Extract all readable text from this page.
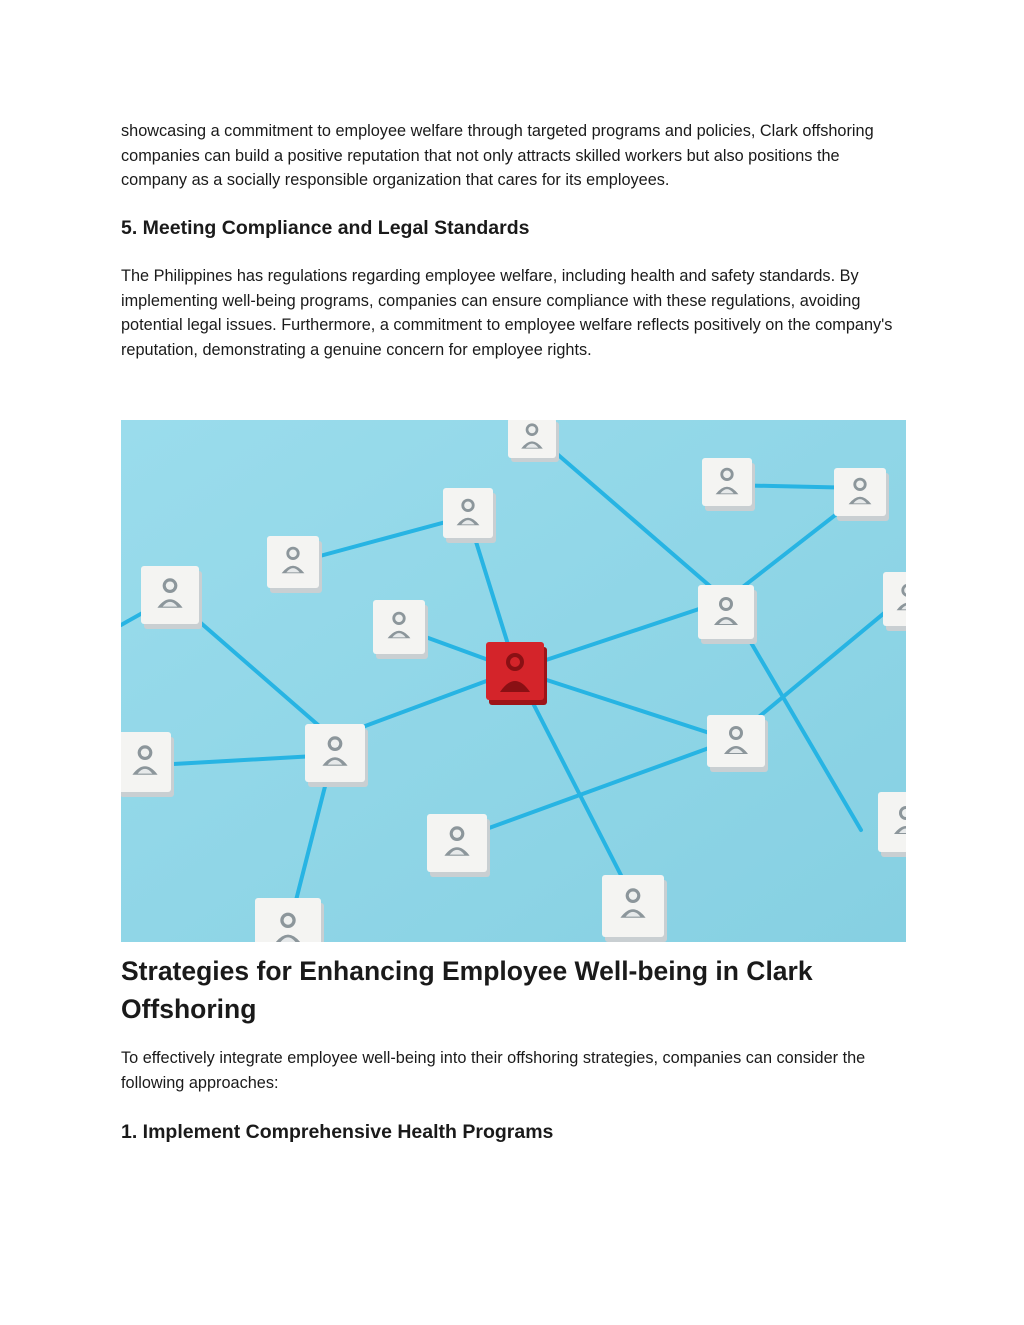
showcasing a commitment to employee welfare through targeted programs and policies, Clark offshoring companies can build a positive reputation that not only attracts skilled workers but also positions the company as a socially responsible organization that cares for its employees.

5. Meeting Compliance and Legal Standards

The Philippines has regulations regarding employee welfare, including health and safety standards. By implementing well-being programs, companies can ensure compliance with these regulations, avoiding potential legal issues. Furthermore, a commitment to employee welfare reflects positively on the company's reputation, demonstrating a genuine concern for employee rights.

Strategies for Enhancing Employee Well-being in Clark Offshoring

To effectively integrate employee well-being into their offshoring strategies, companies can consider the following approaches:

1. Implement Comprehensive Health Programs
